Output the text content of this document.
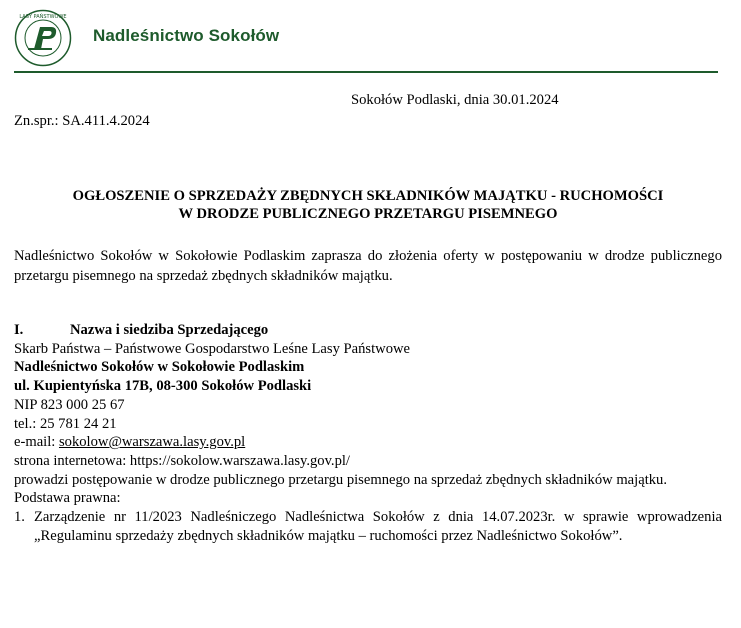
LASY PAŃSTWOWE
Nadleśnictwo Sokołów
Sokołów Podlaski, dnia 30.01.2024
Zn.spr.: SA.411.4.2024
OGŁOSZENIE O SPRZEDAŻY ZBĘDNYCH SKŁADNIKÓW MAJĄTKU - RUCHOMOŚCI
W DRODZE PUBLICZNEGO PRZETARGU PISEMNEGO
Nadleśnictwo Sokołów w Sokołowie Podlaskim zaprasza do złożenia oferty w postępowaniu w drodze publicznego przetargu pisemnego na sprzedaż zbędnych składników majątku.
I.	Nazwa i siedziba Sprzedającego
Skarb Państwa – Państwowe Gospodarstwo Leśne Lasy Państwowe
Nadleśnictwo Sokołów w Sokołowie Podlaskim
ul. Kupientyńska 17B, 08-300 Sokołów Podlaski
NIP 823 000 25 67
tel.: 25 781 24 21
e-mail: sokolow@warszawa.lasy.gov.pl
strona internetowa: https://sokolow.warszawa.lasy.gov.pl/
prowadzi postępowanie w drodze publicznego przetargu pisemnego na sprzedaż zbędnych składników majątku.
Podstawa prawna:
1. Zarządzenie nr 11/2023 Nadleśniczego Nadleśnictwa Sokołów z dnia 14.07.2023r. w sprawie wprowadzenia „Regulaminu sprzedaży zbędnych składników majątku – ruchomości przez Nadleśnictwo Sokołów”.
